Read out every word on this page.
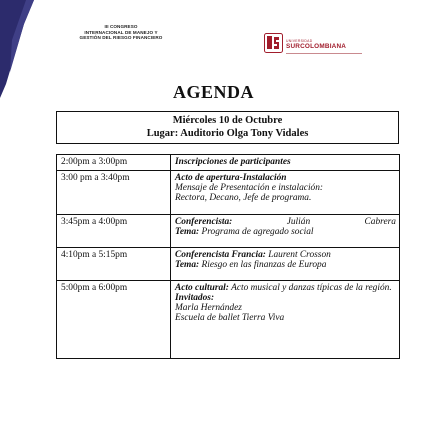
III CONGRESO
INTERNACIONAL DE MANEJO Y
GESTIÓN DEL RIESGO FINANCIERO
UNIVERSIDAD
SURCOLOMBIANA
AGENDA
Miércoles 10 de Octubre
Lugar: Auditorio Olga Tony Vidales
2:00pm a 3:00pm	Inscripciones de participantes

3:00 pm a 3:40pm	Acto de apertura-Instalación
Mensaje de Presentación e instalación:
Rectora, Decano, Jefe de programa.

3:45pm a 4:00pm	Conferencista: Julián Cabrera
Tema: Programa de agregado social

4:10pm a 5:15pm	Conferencista Francia: Laurent Crosson
Tema: Riesgo en las finanzas de Europa

5:00pm a 6:00pm	Acto cultural: Acto musical y danzas típicas de la región.
Invitados:
Marla Hernández
Escuela de ballet Tierra Viva
